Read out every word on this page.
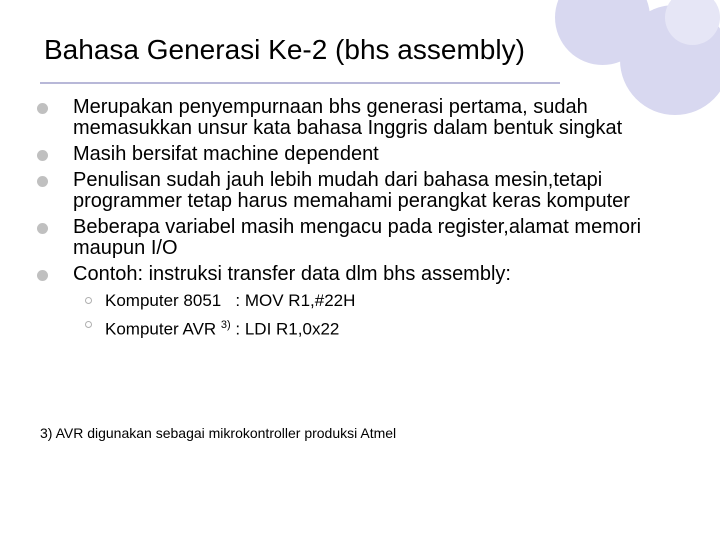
Bahasa Generasi Ke-2 (bhs assembly)
Merupakan penyempurnaan bhs generasi pertama, sudah memasukkan unsur kata bahasa Inggris dalam bentuk singkat
Masih bersifat machine dependent
Penulisan sudah jauh lebih mudah dari bahasa mesin,tetapi programmer tetap harus memahami perangkat keras komputer
Beberapa variabel masih mengacu pada register,alamat memori maupun I/O
Contoh: instruksi transfer data dlm bhs assembly:
Komputer 8051   : MOV R1,#22H
Komputer AVR $^{3)}$ : LDI R1,0x22
3) AVR digunakan sebagai mikrokontroller produksi Atmel
